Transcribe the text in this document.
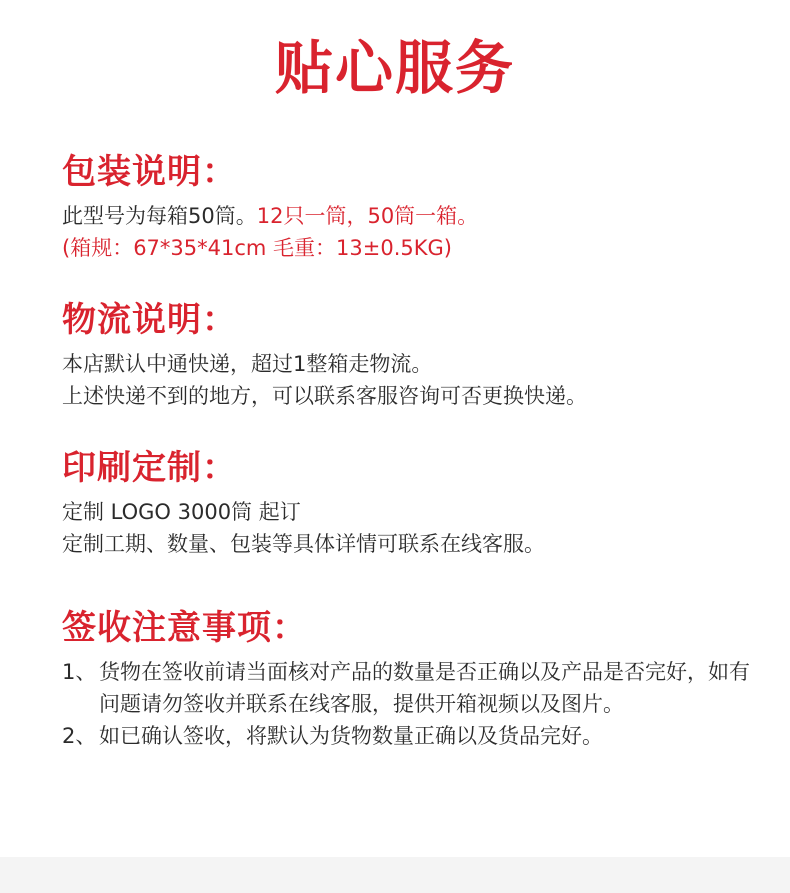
贴心服务
包装说明：
此型号为每箱50筒。12只一筒，50筒一箱。
(箱规：67*35*41cm 毛重：13±0.5KG)
物流说明：
本店默认中通快递，超过1整箱走物流。
上述快递不到的地方，可以联系客服咨询可否更换快递。
印刷定制：
定制 LOGO 3000筒 起订
定制工期、数量、包装等具体详情可联系在线客服。
签收注意事项：
1、 货物在签收前请当面核对产品的数量是否正确以及产品是否完好，如有问题请勿签收并联系在线客服，提供开箱视频以及图片。
2、 如已确认签收，将默认为货物数量正确以及货品完好。
